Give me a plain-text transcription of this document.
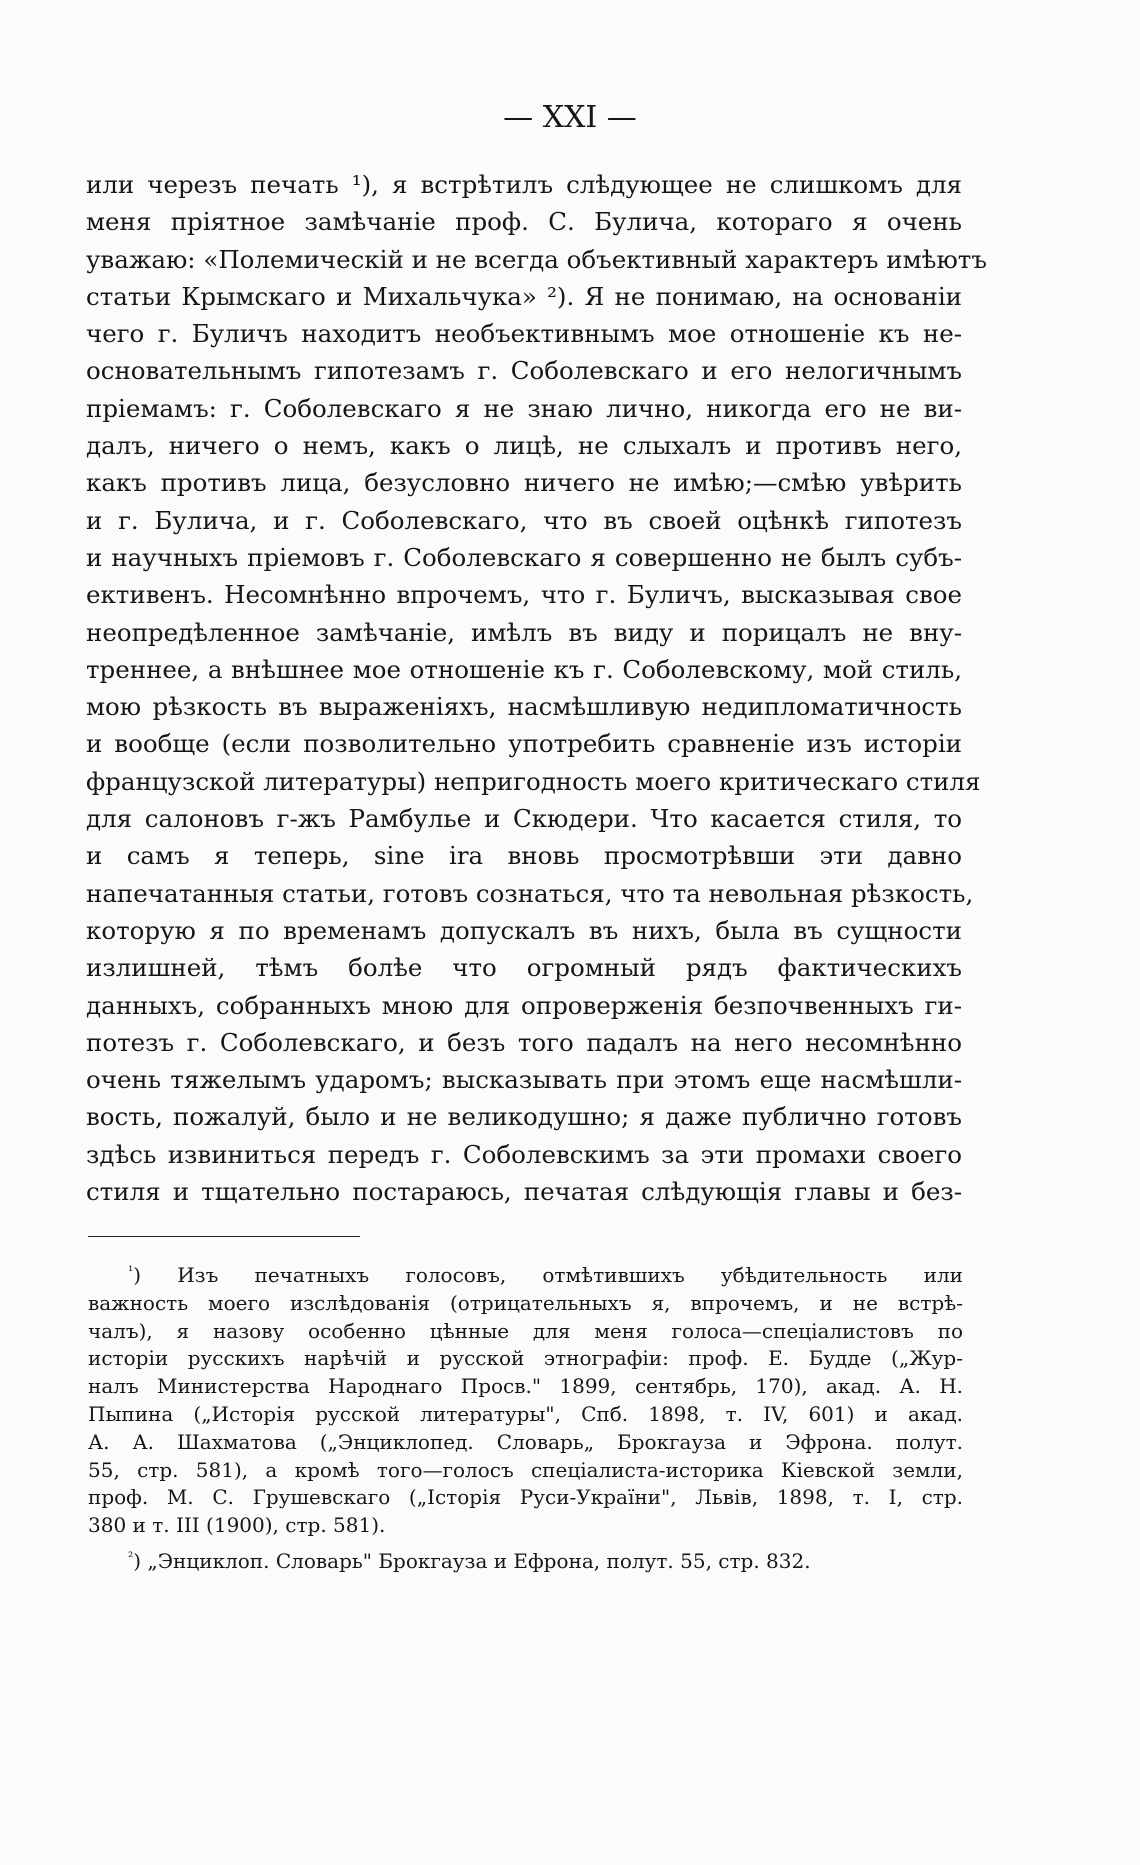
— XXI —
или черезъ печать ¹), я встрѣтилъ слѣдующее не слишкомъ для
меня пріятное замѣчаніе проф. С. Булича, котораго я очень
уважаю: «Полемическій и не всегда объективный характеръ имѣютъ
статьи Крымскаго и Михальчука» ²). Я не понимаю, на основаніи
чего г. Буличъ находитъ необъективнымъ мое отношеніе къ не-
основательнымъ гипотезамъ г. Соболевскаго и его нелогичнымъ
пріемамъ: г. Соболевскаго я не знаю лично, никогда его не ви-
далъ, ничего о немъ, какъ о лицѣ, не слыхалъ и противъ него,
какъ противъ лица, безусловно ничего не имѣю;—смѣю увѣрить
и г. Булича, и г. Соболевскаго, что въ своей оцѣнкѣ гипотезъ
и научныхъ пріемовъ г. Соболевскаго я совершенно не былъ субъ-
ективенъ. Несомнѣнно впрочемъ, что г. Буличъ, высказывая свое
неопредѣленное замѣчаніе, имѣлъ въ виду и порицалъ не вну-
треннее, а внѣшнее мое отношеніе къ г. Соболевскому, мой стиль,
мою рѣзкость въ выраженіяхъ, насмѣшливую недипломатичность
и вообще (если позволительно употребить сравненіе изъ исторіи
французской литературы) непригодность моего критическаго стиля
для салоновъ г-жъ Рамбулье и Скюдери. Что касается стиля, то
и самъ я теперь, sine ira вновь просмотрѣвши эти давно
напечатанныя статьи, готовъ сознаться, что та невольная рѣзкость,
которую я по временамъ допускалъ въ нихъ, была въ сущности
излишней, тѣмъ болѣе что огромный рядъ фактическихъ
данныхъ, собранныхъ мною для опроверженія безпочвенныхъ ги-
потезъ г. Соболевскаго, и безъ того падалъ на него несомнѣнно
очень тяжелымъ ударомъ; высказывать при этомъ еще насмѣшли-
вость, пожалуй, было и не великодушно; я даже публично готовъ
здѣсь извиниться передъ г. Соболевскимъ за эти промахи своего
стиля и тщательно постараюсь, печатая слѣдующія главы и без-
$^{^1}$) Изъ печатныхъ голосовъ, отмѣтившихъ убѣдительность или
важность моего изслѣдованія (отрицательныхъ я, впрочемъ, и не встрѣ-
чалъ), я назову особенно цѣнные для меня голоса—спеціалистовъ по
исторіи русскихъ нарѣчій и русской этнографіи: проф. Е. Будде („Жур-
налъ Министерства Народнаго Просв." 1899, сентябрь, 170), акад. А. Н.
Пыпина („Исторія русской литературы", Спб. 1898, т. IV, 601) и акад.
А. А. Шахматова („Энциклопед. Словарь„ Брокгауза и Эфрона. полут.
55, стр. 581), а кромѣ того—голосъ спеціалиста-историка Кіевской земли,
проф. М. С. Грушевскаго („Історія Руси-Украïни", Львів, 1898, т. I, стр.
380 и т. III (1900), стр. 581).
$^{^2}$) „Энциклоп. Словарь" Брокгауза и Ефрона, полут. 55, стр. 832.
